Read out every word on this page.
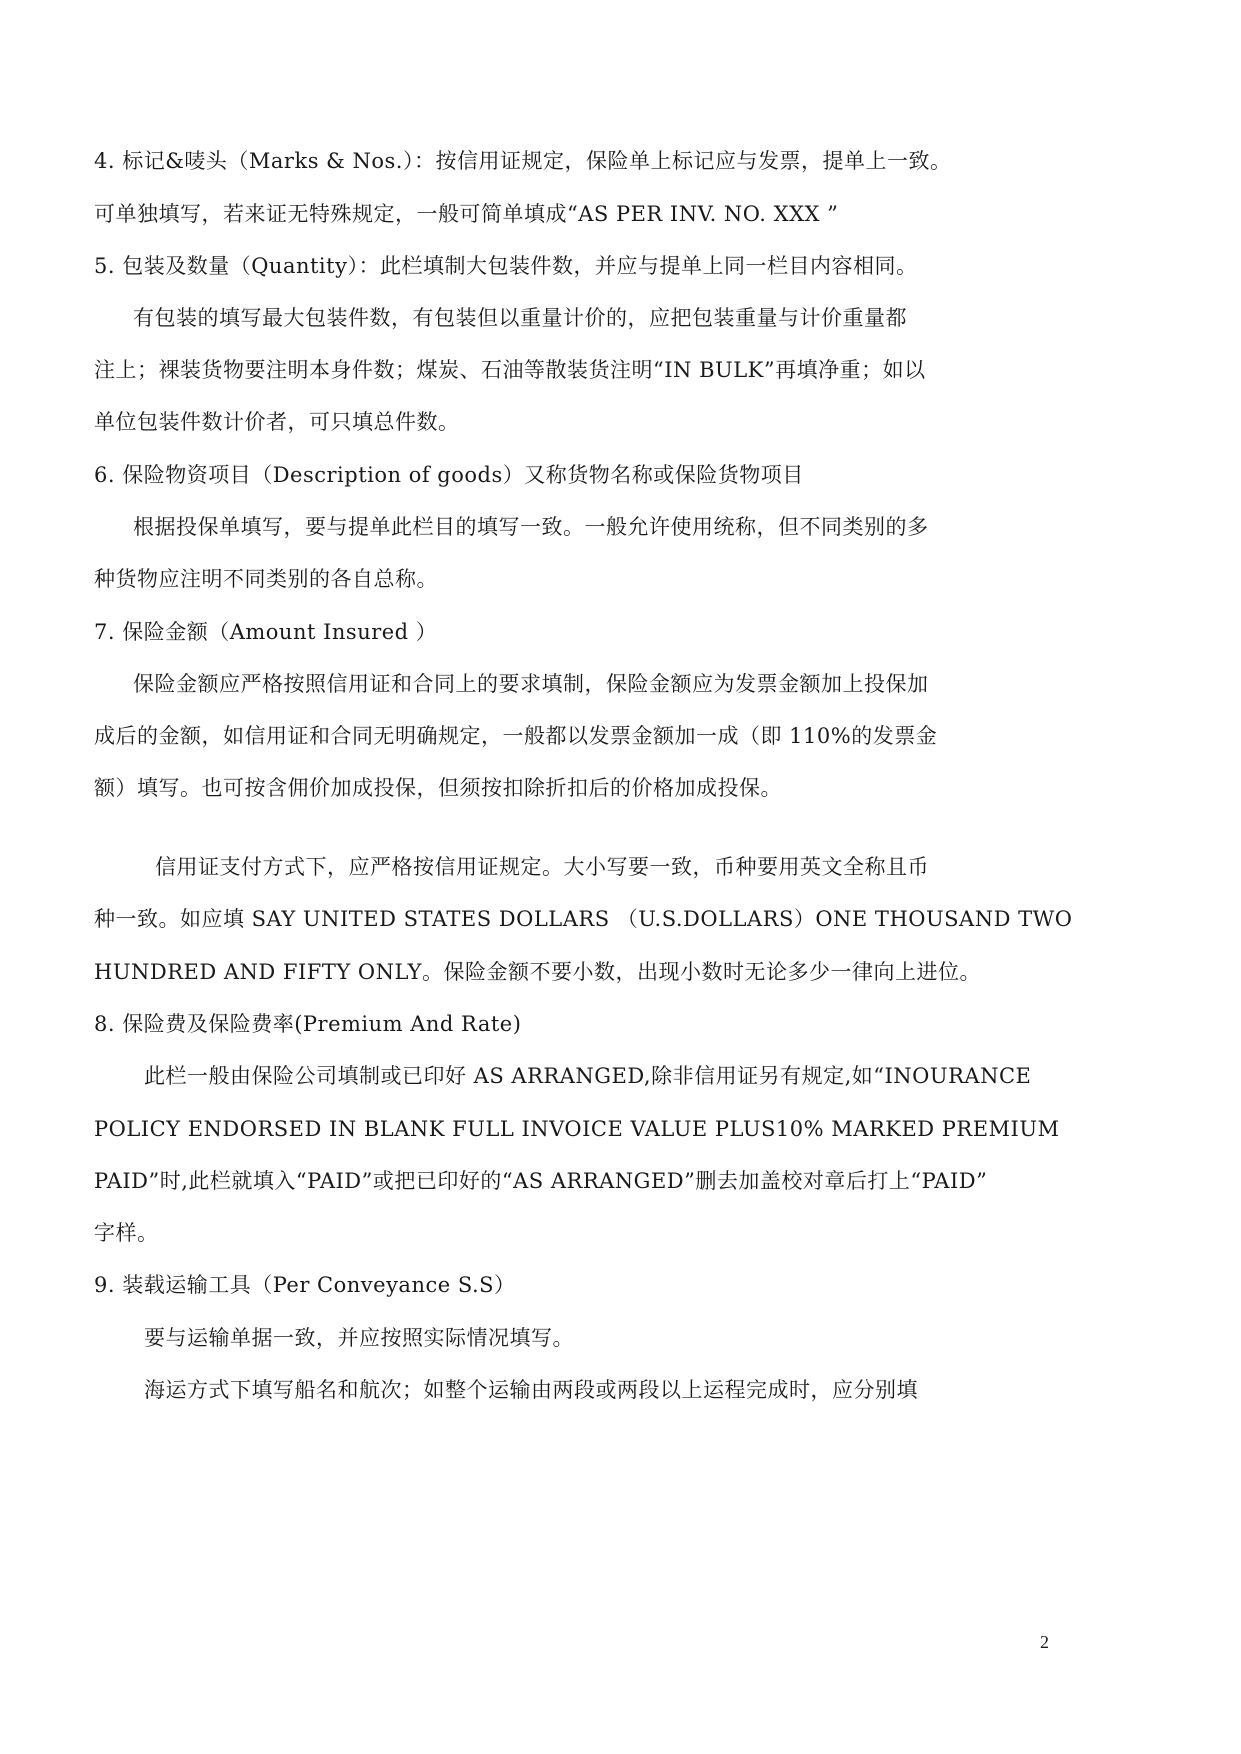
4. 标记&唛头（Marks & Nos.）：按信用证规定，保险单上标记应与发票，提单上一致。
可单独填写，若来证无特殊规定，一般可简单填成“AS PER INV. NO. XXX ”
5. 包装及数量（Quantity）：此栏填制大包装件数，并应与提单上同一栏目内容相同。
有包装的填写最大包装件数，有包装但以重量计价的，应把包装重量与计价重量都
注上；裸装货物要注明本身件数；煤炭、石油等散装货注明“IN BULK”再填净重；如以
单位包装件数计价者，可只填总件数。
6. 保险物资项目（Description of goods）又称货物名称或保险货物项目
根据投保单填写，要与提单此栏目的填写一致。一般允许使用统称，但不同类别的多
种货物应注明不同类别的各自总称。
7. 保险金额（Amount Insured ）
保险金额应严格按照信用证和合同上的要求填制，保险金额应为发票金额加上投保加
成后的金额，如信用证和合同无明确规定，一般都以发票金额加一成（即 110%的发票金
额）填写。也可按含佣价加成投保，但须按扣除折扣后的价格加成投保。
信用证支付方式下，应严格按信用证规定。大小写要一致，币种要用英文全称且币
种一致。如应填 SAY UNITED STATES DOLLARS （U.S.DOLLARS）ONE THOUSAND TWO
HUNDRED AND FIFTY ONLY。保险金额不要小数，出现小数时无论多少一律向上进位。
8. 保险费及保险费率(Premium And Rate)
此栏一般由保险公司填制或已印好 AS ARRANGED,除非信用证另有规定,如“INOURANCE
POLICY ENDORSED IN BLANK FULL INVOICE VALUE PLUS10% MARKED PREMIUM
PAID”时,此栏就填入“PAID”或把已印好的“AS ARRANGED”删去加盖校对章后打上“PAID”
字样。
9. 装载运输工具（Per Conveyance S.S）
要与运输单据一致，并应按照实际情况填写。
海运方式下填写船名和航次；如整个运输由两段或两段以上运程完成时，应分别填
2
